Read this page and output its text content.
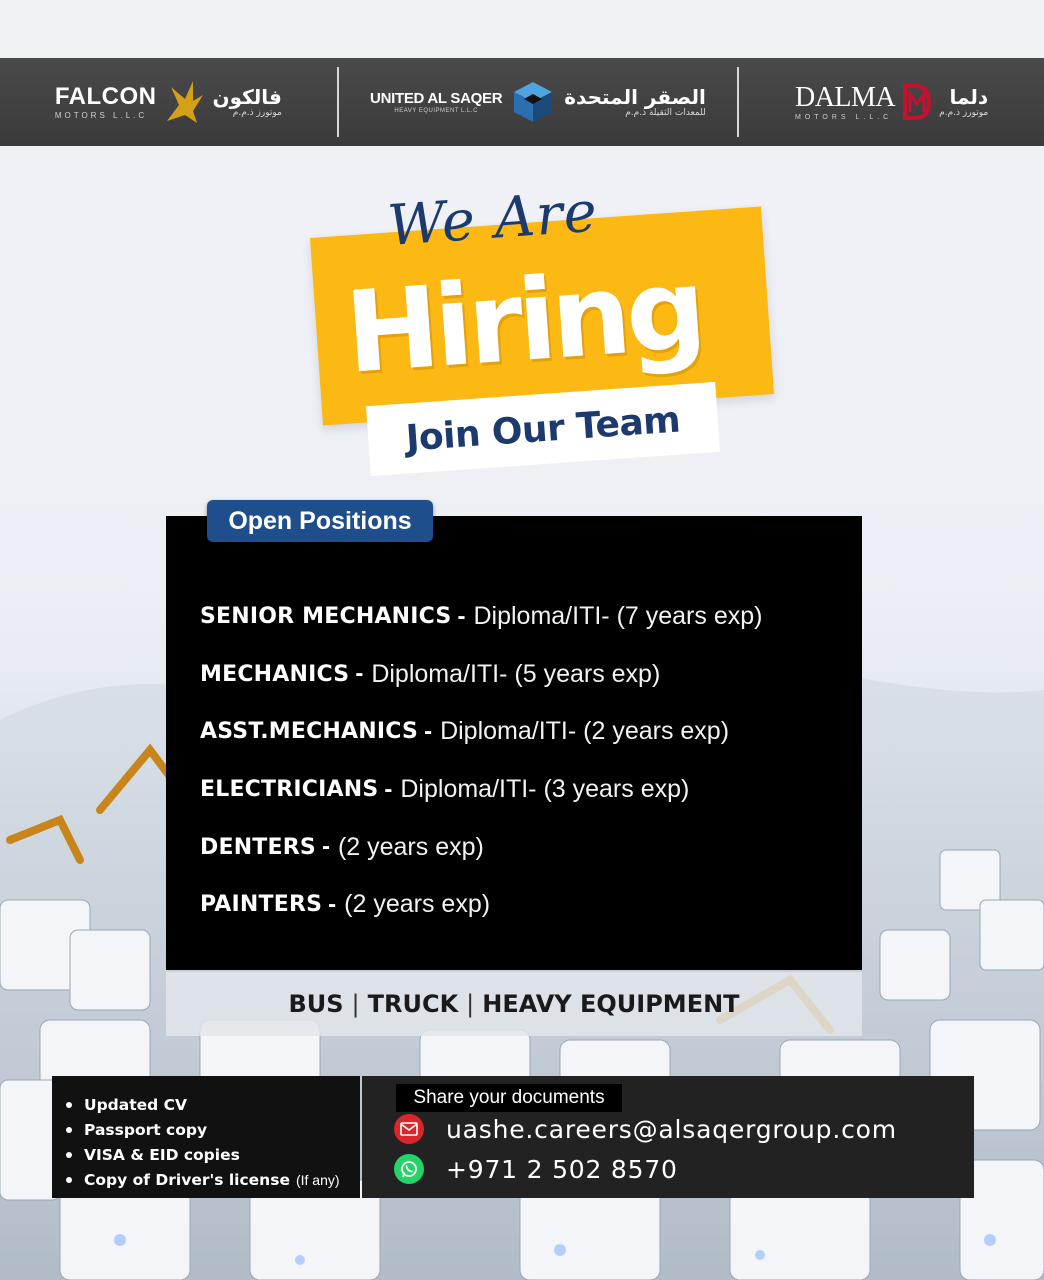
FALCON
MOTORS L.L.C
فالكون
موتورز ذ.م.م
UNITED AL SAQER
HEAVY EQUIPMENT L.L.C
الصقر المتحدة
للمعدات الثقيلة ذ.م.م
DALMA
MOTORS L.L.C
دلما
موتورز ذ.م.م
We Are
Hiring
Join Our Team
Open Positions
SENIOR MECHANICS - Diploma/ITI- (7 years exp)
MECHANICS - Diploma/ITI- (5 years exp)
ASST.MECHANICS - Diploma/ITI- (2 years exp)
ELECTRICIANS - Diploma/ITI- (3 years exp)
DENTERS - (2 years exp)
PAINTERS - (2 years exp)
BUS | TRUCK | HEAVY EQUIPMENT
Updated CV
Passport copy
VISA & EID copies
Copy of Driver's license (If any)
Share your documents
uashe.careers@alsaqergroup.com
+971 2 502 8570
